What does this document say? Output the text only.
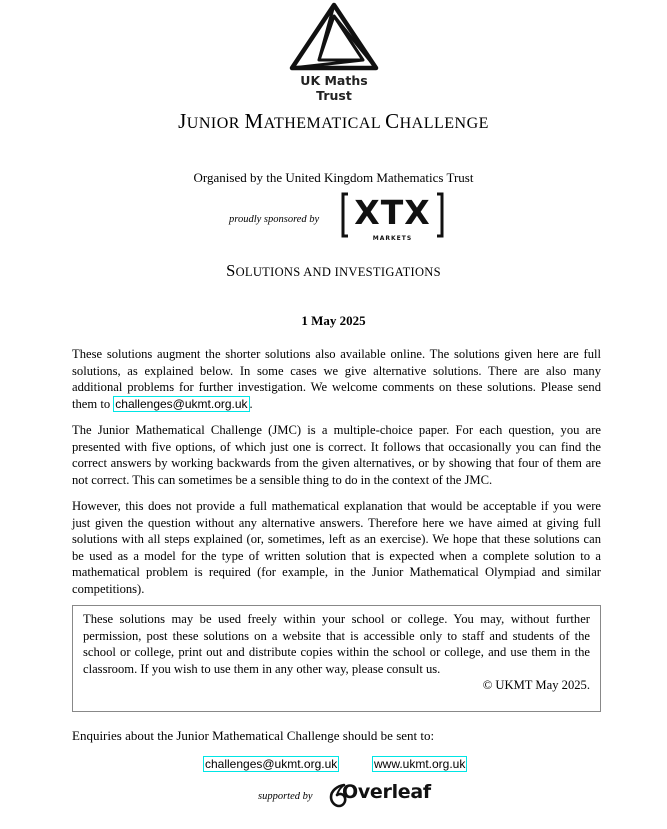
UK Maths Trust
JUNIOR MATHEMATICAL CHALLENGE
Organised by the United Kingdom Mathematics Trust
proudly sponsored by	XTX
MARKETS
SOLUTIONS AND INVESTIGATIONS
1 May 2025

These solutions augment the shorter solutions also available online. The solutions given here are full solutions, as explained below. In some cases we give alternative solutions. There are also many additional problems for further investigation. We welcome comments on these solutions. Please send them to challenges@ukmt.org.uk .

The Junior Mathematical Challenge (JMC) is a multiple-choice paper. For each question, you are presented with five options, of which just one is correct. It follows that occasionally you can find the correct answers by working backwards from the given alternatives, or by showing that four of them are not correct. This can sometimes be a sensible thing to do in the context of the JMC.

However, this does not provide a full mathematical explanation that would be acceptable if you were just given the question without any alternative answers. Therefore here we have aimed at giving full solutions with all steps explained (or, sometimes, left as an exercise). We hope that these solutions can be used as a model for the type of written solution that is expected when a complete solution to a mathematical problem is required (for example, in the Junior Mathematical Olympiad and similar competitions).

These solutions may be used freely within your school or college. You may, without further permission, post these solutions on a website that is accessible only to staff and students of the school or college, print out and distribute copies within the school or college, and use them in the classroom. If you wish to use them in any other way, please consult us.
© UKMT May 2025.
Enquiries about the Junior Mathematical Challenge should be sent to:
challenges@ukmt.org.uk	www.ukmt.org.uk
supported by Overleaf
